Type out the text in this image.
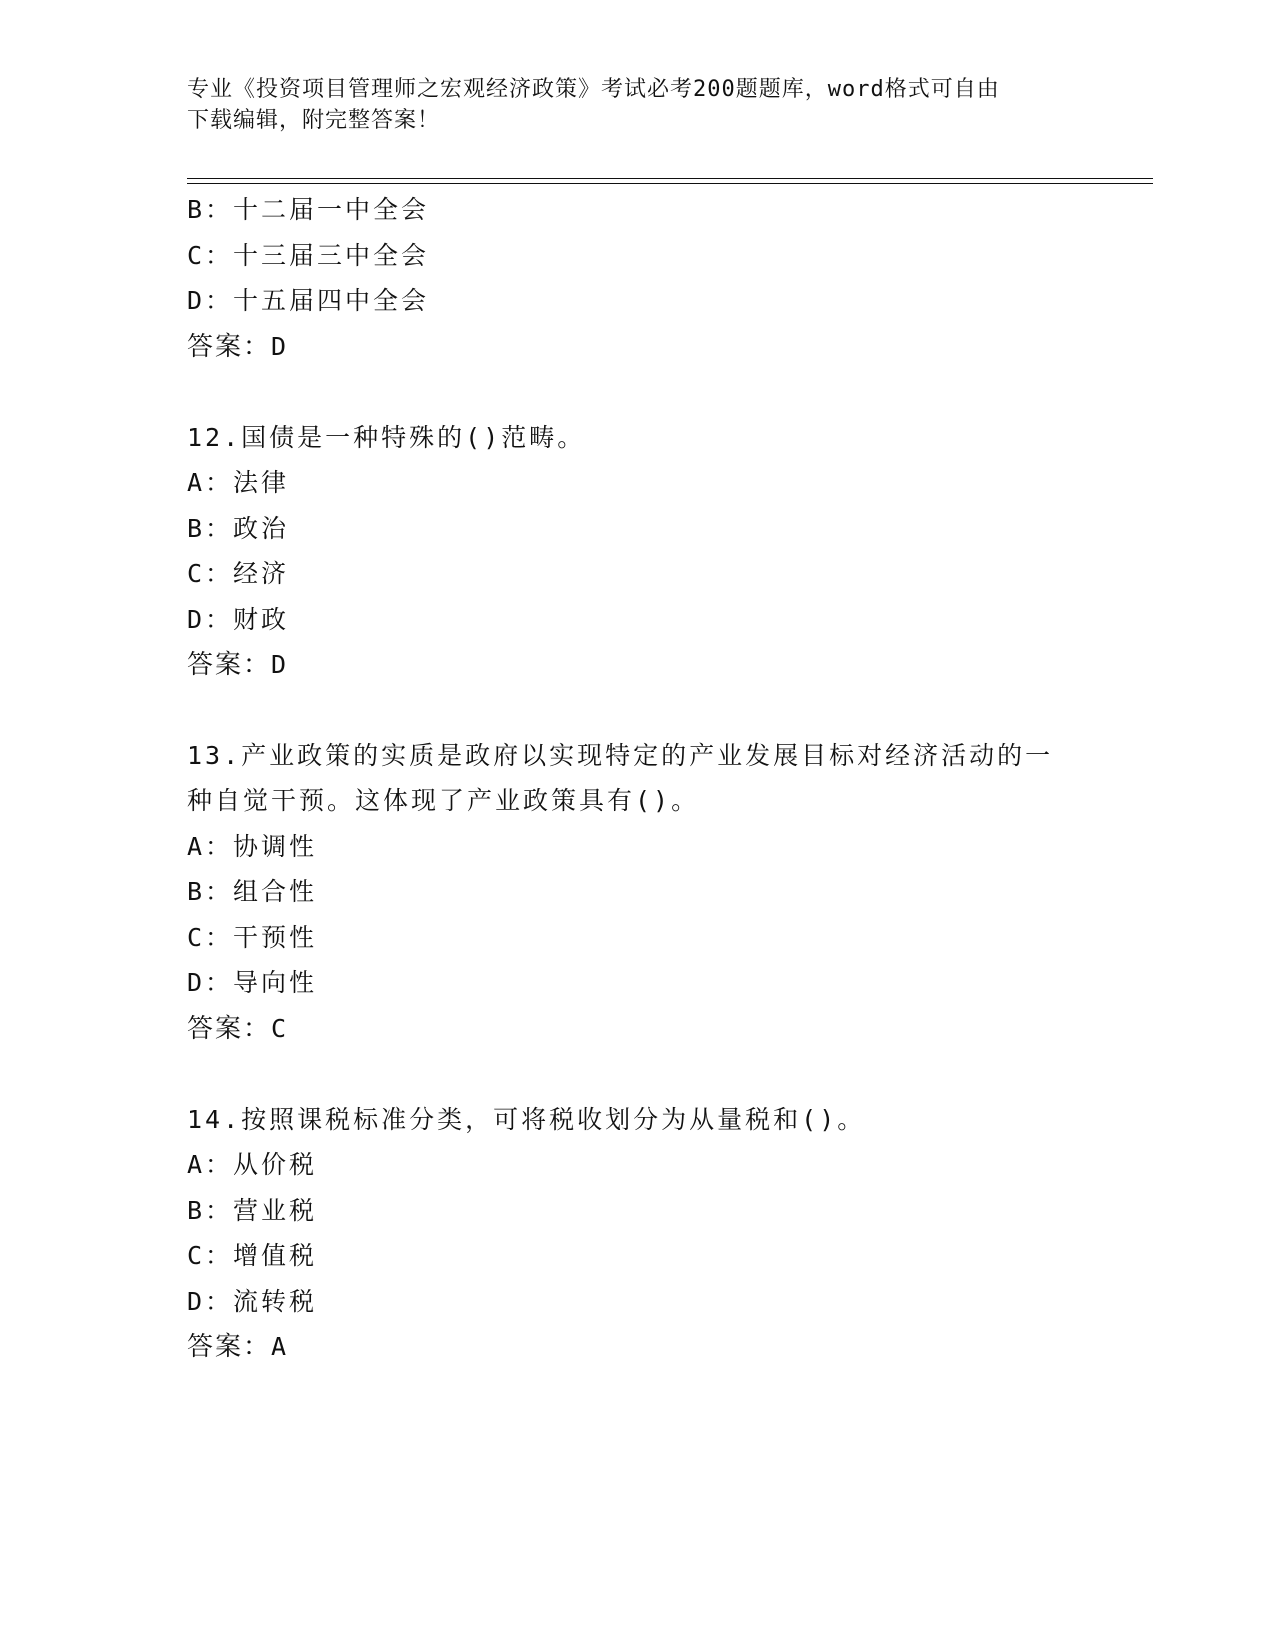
专业《投资项目管理师之宏观经济政策》考试必考200题题库，word格式可自由
下载编辑，附完整答案！
B：十二届一中全会
C：十三届三中全会
D：十五届四中全会
答案：D
12.国债是一种特殊的()范畴。
A：法律
B：政治
C：经济
D：财政
答案：D
13.产业政策的实质是政府以实现特定的产业发展目标对经济活动的一
种自觉干预。这体现了产业政策具有()。
A：协调性
B：组合性
C：干预性
D：导向性
答案：C
14.按照课税标准分类，可将税收划分为从量税和()。
A：从价税
B：营业税
C：增值税
D：流转税
答案：A
